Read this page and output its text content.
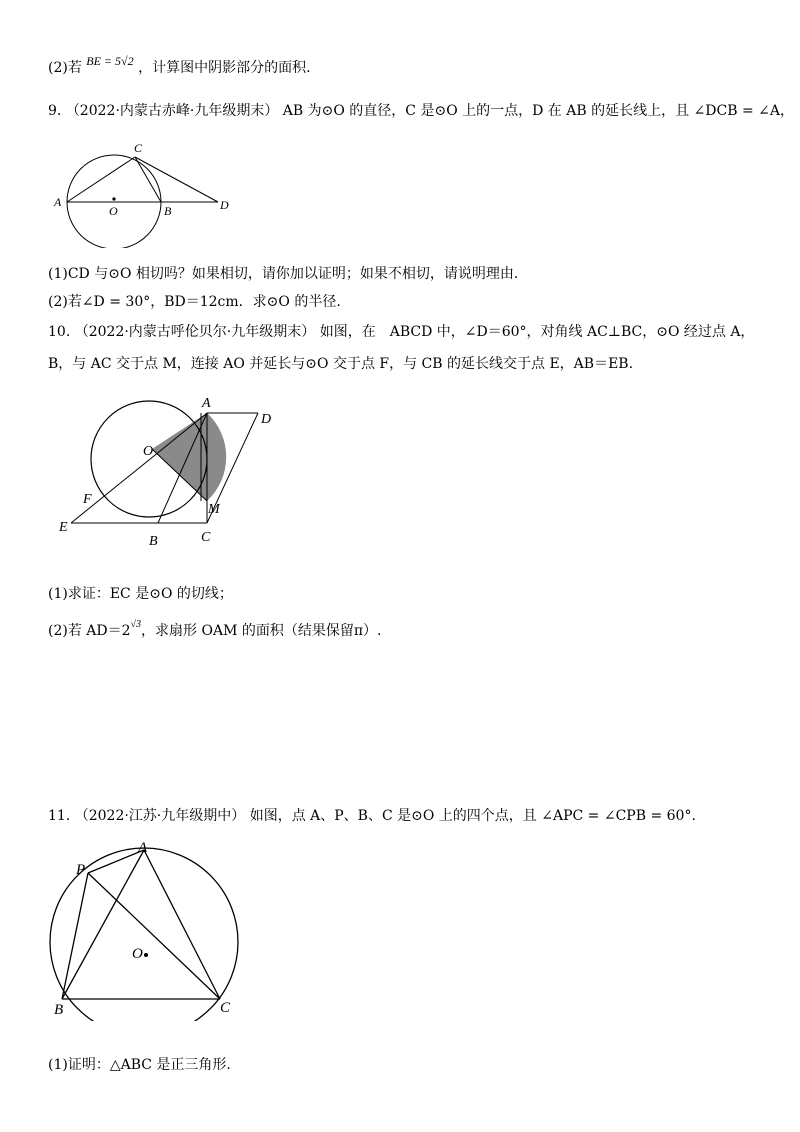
(2)若 BE = 5√2 ，计算图中阴影部分的面积.
9. （2022·内蒙古赤峰·九年级期末） AB 为⊙O 的直径，C 是⊙O 上的一点，D 在 AB 的延长线上，且 ∠DCB = ∠A，
A
O	B
C
D
(1)CD 与⊙O 相切吗？如果相切，请你加以证明；如果不相切，请说明理由.
(2)若∠D = 30°，BD＝12cm．求⊙O 的半径.
10. （2022·内蒙古呼伦贝尔·九年级期末） 如图，在　ABCD 中，∠D＝60°，对角线 AC⊥BC，⊙O 经过点 A，
B，与 AC 交于点 M，连接 AO 并延长与⊙O 交于点 F，与 CB 的延长线交于点 E，AB＝EB.
A
D
O
F
M
E
B	C
(1)求证：EC 是⊙O 的切线；
(2)若 $AD=2^{√3}$，求扇形 OAM 的面积（结果保留π）.
11. （2022·江苏·九年级期中） 如图，点 A、P、B、C 是⊙O 上的四个点，且 ∠APC = ∠CPB = 60°.
A
P
O
B	C
(1)证明：△ABC 是正三角形.
